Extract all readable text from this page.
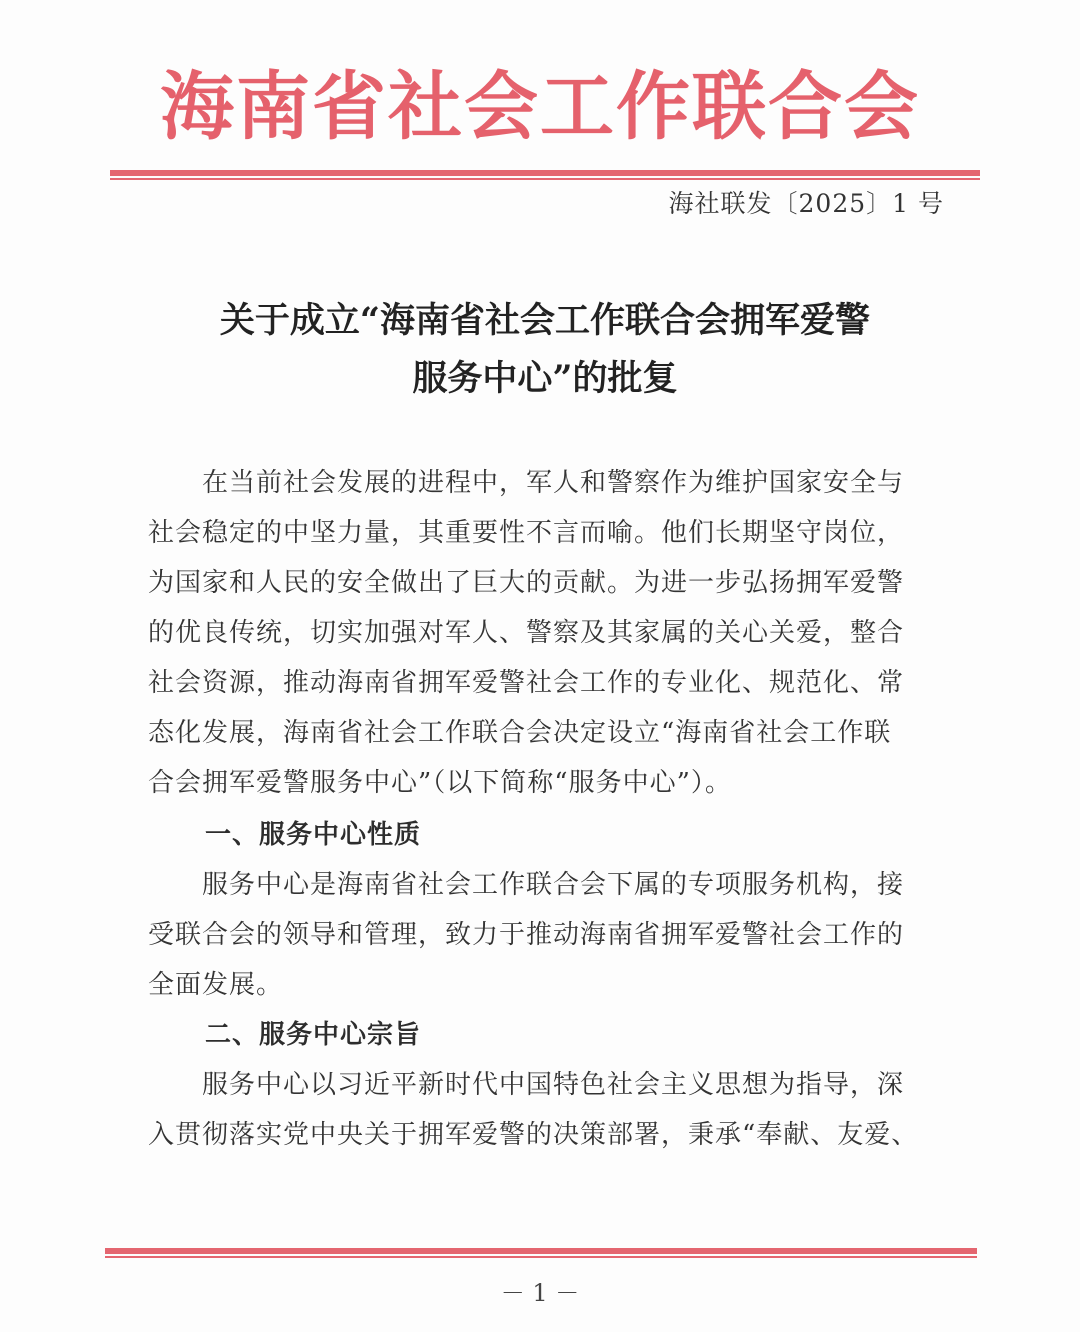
海南省社会工作联合会
海社联发〔2025〕1 号
关于成立“海南省社会工作联合会拥军爱警
服务中心”的批复
　　在当前社会发展的进程中，军人和警察作为维护国家安全与
社会稳定的中坚力量，其重要性不言而喻。他们长期坚守岗位，
为国家和人民的安全做出了巨大的贡献。为进一步弘扬拥军爱警
的优良传统，切实加强对军人、警察及其家属的关心关爱，整合
社会资源，推动海南省拥军爱警社会工作的专业化、规范化、常
态化发展，海南省社会工作联合会决定设立“海南省社会工作联
合会拥军爱警服务中心”（以下简称“服务中心”）。
一、服务中心性质
　　服务中心是海南省社会工作联合会下属的专项服务机构，接
受联合会的领导和管理，致力于推动海南省拥军爱警社会工作的
全面发展。
二、服务中心宗旨
　　服务中心以习近平新时代中国特色社会主义思想为指导，深
入贯彻落实党中央关于拥军爱警的决策部署，秉承“奉献、友爱、
－ 1 －
